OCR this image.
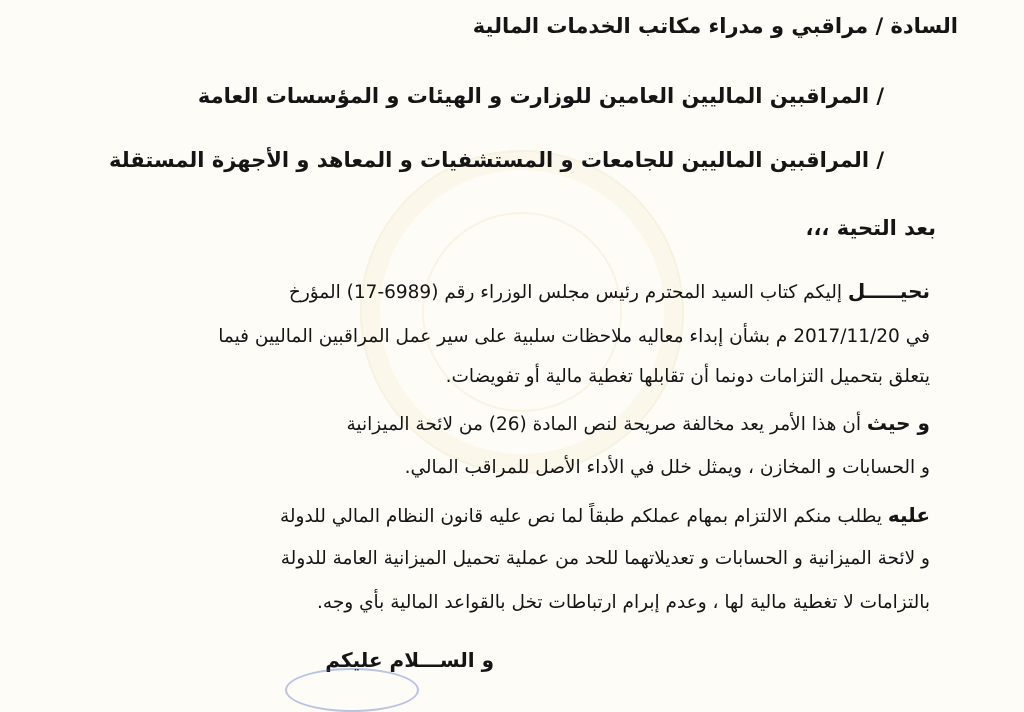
السادة / مراقبي و مدراء مكاتب الخدمات المالية
/ المراقبين الماليين العامين للوزارت و الهيئات و المؤسسات العامة
/ المراقبين الماليين للجامعات و المستشفيات و المعاهد و الأجهزة المستقلة
بعد التحية ،،،
نحيـــــل إليكم كتاب السيد المحترم رئيس مجلس الوزراء رقم (6989-17) المؤرخ
في 2017/11/20 م بشأن إبداء معاليه ملاحظات سلبية على سير عمل المراقبين الماليين فيما
يتعلق بتحميل التزامات دونما أن تقابلها تغطية مالية أو تفويضات.
و حيث أن هذا الأمر يعد مخالفة صريحة لنص المادة (26) من لائحة الميزانية
و الحسابات و المخازن ، ويمثل خلل في الأداء الأصل للمراقب المالي.
عليه يطلب منكم الالتزام بمهام عملكم طبقاً لما نص عليه قانون النظام المالي للدولة
و لائحة الميزانية و الحسابات و تعديلاتهما للحد من عملية تحميل الميزانية العامة للدولة
بالتزامات لا تغطية مالية لها ، وعدم إبرام ارتباطات تخل بالقواعد المالية بأي وجه.
و الســـلام عليكم
